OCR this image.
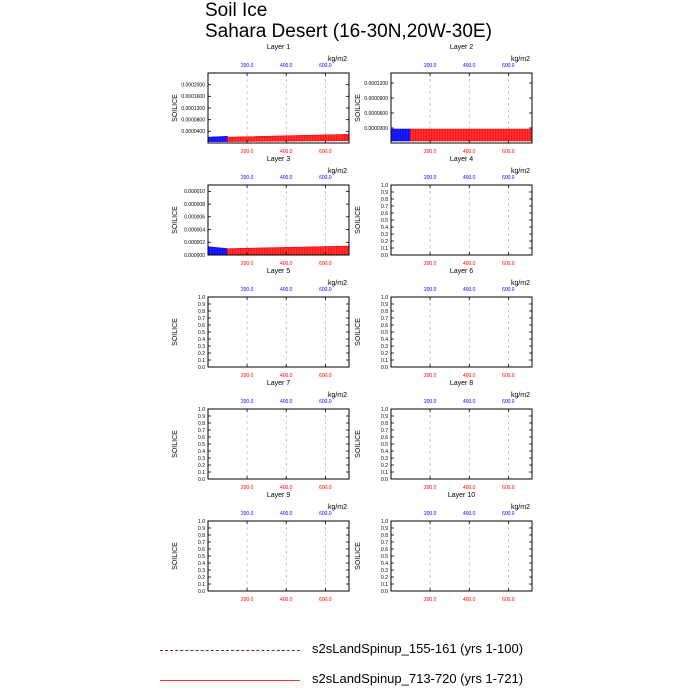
Soil Ice
Sahara Desert (16-30N,20W-30E)
Layer 1
kg/m2
SOILICE
0.0000400
0.0000800
0.0001200
0.0001600
0.0002000
200.0	400.0	600.0
200.0	400.0	600.0
Layer 2
kg/m2
SOILICE
0.0000300
0.0000600
0.0000900
0.0001200
200.0	400.0	600.0
200.0	400.0	600.0
Layer 3
kg/m2
SOILICE
0.000000
0.000002
0.000004
0.000006
0.000008
0.000010
200.0	400.0	600.0
200.0	400.0	600.0
Layer 4
kg/m2
SOILICE
0.0
0.1
0.2
0.3
0.4
0.5
0.6
0.7
0.8
0.9
1.0
200.0	400.0	600.0
200.0	400.0	600.0
Layer 5
kg/m2
SOILICE
0.0
0.1
0.2
0.3
0.4
0.5
0.6
0.7
0.8
0.9
1.0
200.0	400.0	600.0
200.0	400.0	600.0
Layer 6
kg/m2
SOILICE
0.0
0.1
0.2
0.3
0.4
0.5
0.6
0.7
0.8
0.9
1.0
200.0	400.0	600.0
200.0	400.0	600.0
Layer 7
kg/m2
SOILICE
0.0
0.1
0.2
0.3
0.4
0.5
0.6
0.7
0.8
0.9
1.0
200.0	400.0	600.0
200.0	400.0	600.0
Layer 8
kg/m2
SOILICE
0.0
0.1
0.2
0.3
0.4
0.5
0.6
0.7
0.8
0.9
1.0
200.0	400.0	600.0
200.0	400.0	600.0
Layer 9
kg/m2
SOILICE
0.0
0.1
0.2
0.3
0.4
0.5
0.6
0.7
0.8
0.9
1.0
200.0	400.0	600.0
200.0	400.0	600.0
Layer 10
kg/m2
SOILICE
0.0
0.1
0.2
0.3
0.4
0.5
0.6
0.7
0.8
0.9
1.0
200.0	400.0	600.0
200.0	400.0	600.0
s2sLandSpinup_155-161 (yrs 1-100)
s2sLandSpinup_713-720 (yrs 1-721)
